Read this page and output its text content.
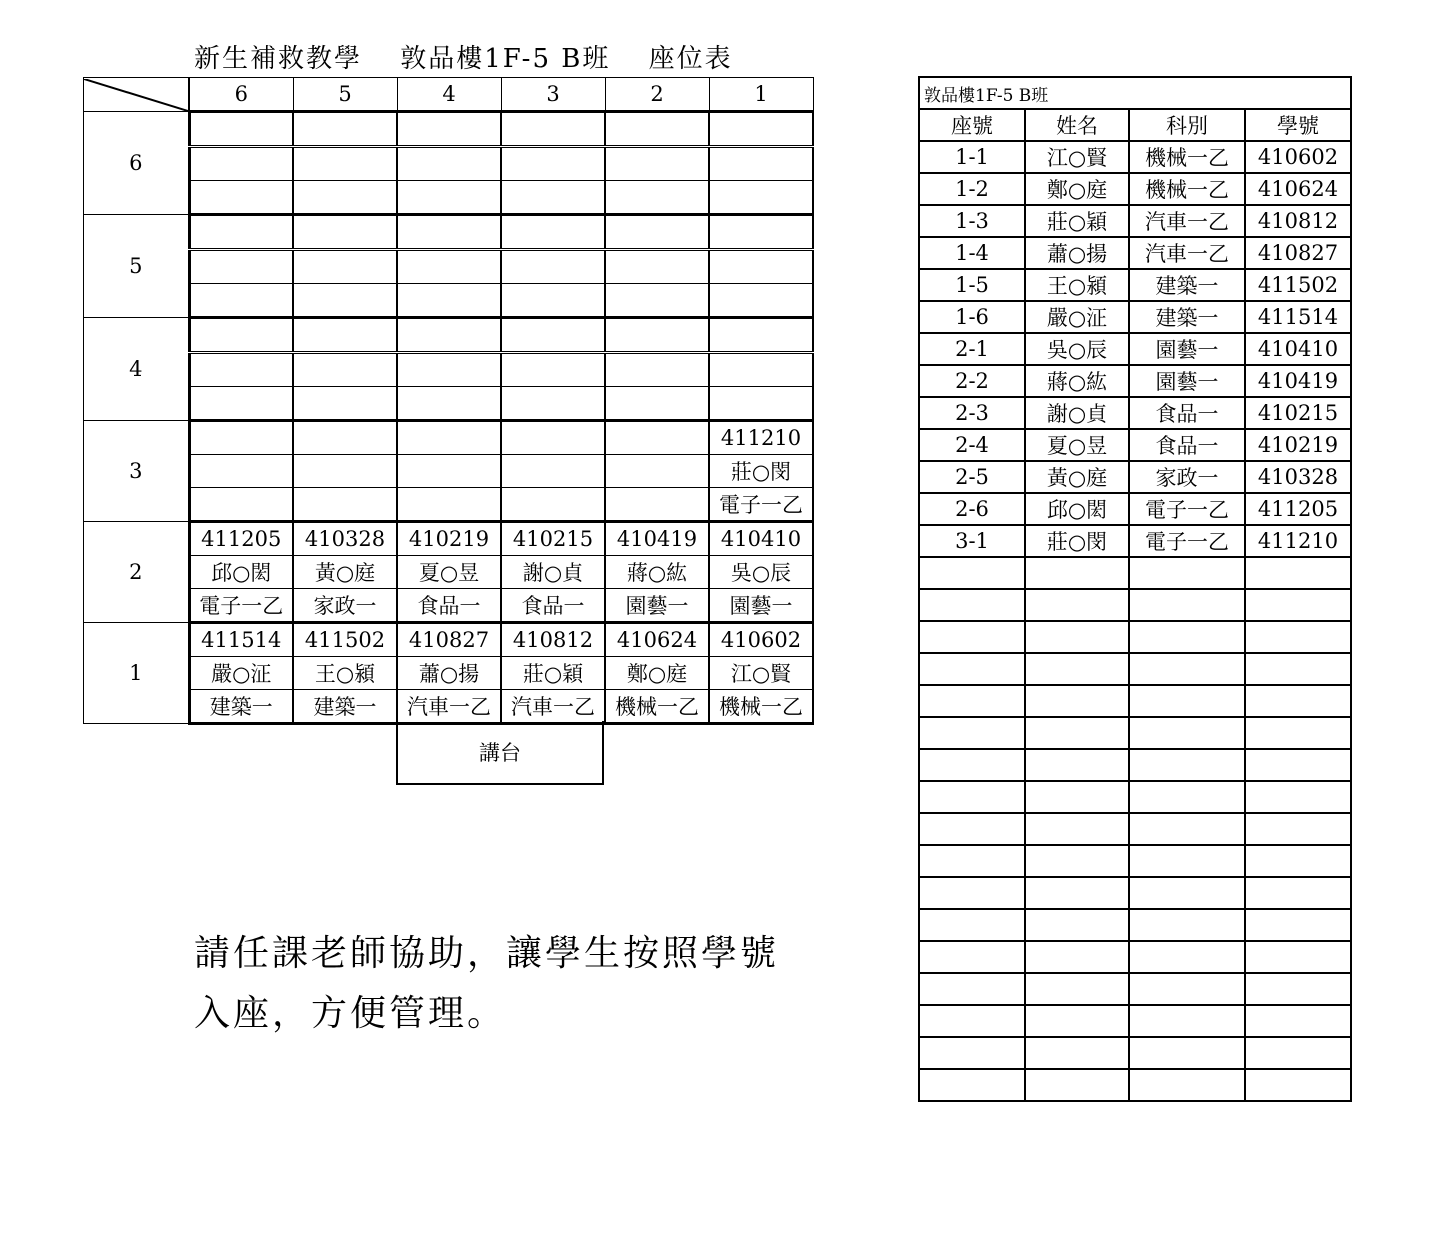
新生補救教學　 敦品樓1F-5 B班　 座位表
	6	5	4	3	2	1
6						

5						

4						

3						411210
						莊○閔
						電子一乙
2	411205	410328	410219	410215	410419	410410
	邱○閎	黃○庭	夏○昱	謝○貞	蔣○紘	吳○辰
	電子一乙	家政一	食品一	食品一	園藝一	園藝一
1	411514	411502	410827	410812	410624	410602
	嚴○泟	王○潁	蕭○揚	莊○穎	鄭○庭	江○賢
	建築一	建築一	汽車一乙	汽車一乙	機械一乙	機械一乙
講台
請任課老師協助，讓學生按照學號入座，方便管理。
敦品樓1F-5 B班			
座號	姓名	科別	學號
1-1	江○賢	機械一乙	410602
1-2	鄭○庭	機械一乙	410624
1-3	莊○穎	汽車一乙	410812
1-4	蕭○揚	汽車一乙	410827
1-5	王○潁	建築一	411502
1-6	嚴○泟	建築一	411514
2-1	吳○辰	園藝一	410410
2-2	蔣○紘	園藝一	410419
2-3	謝○貞	食品一	410215
2-4	夏○昱	食品一	410219
2-5	黃○庭	家政一	410328
2-6	邱○閎	電子一乙	411205
3-1	莊○閔	電子一乙	411210
